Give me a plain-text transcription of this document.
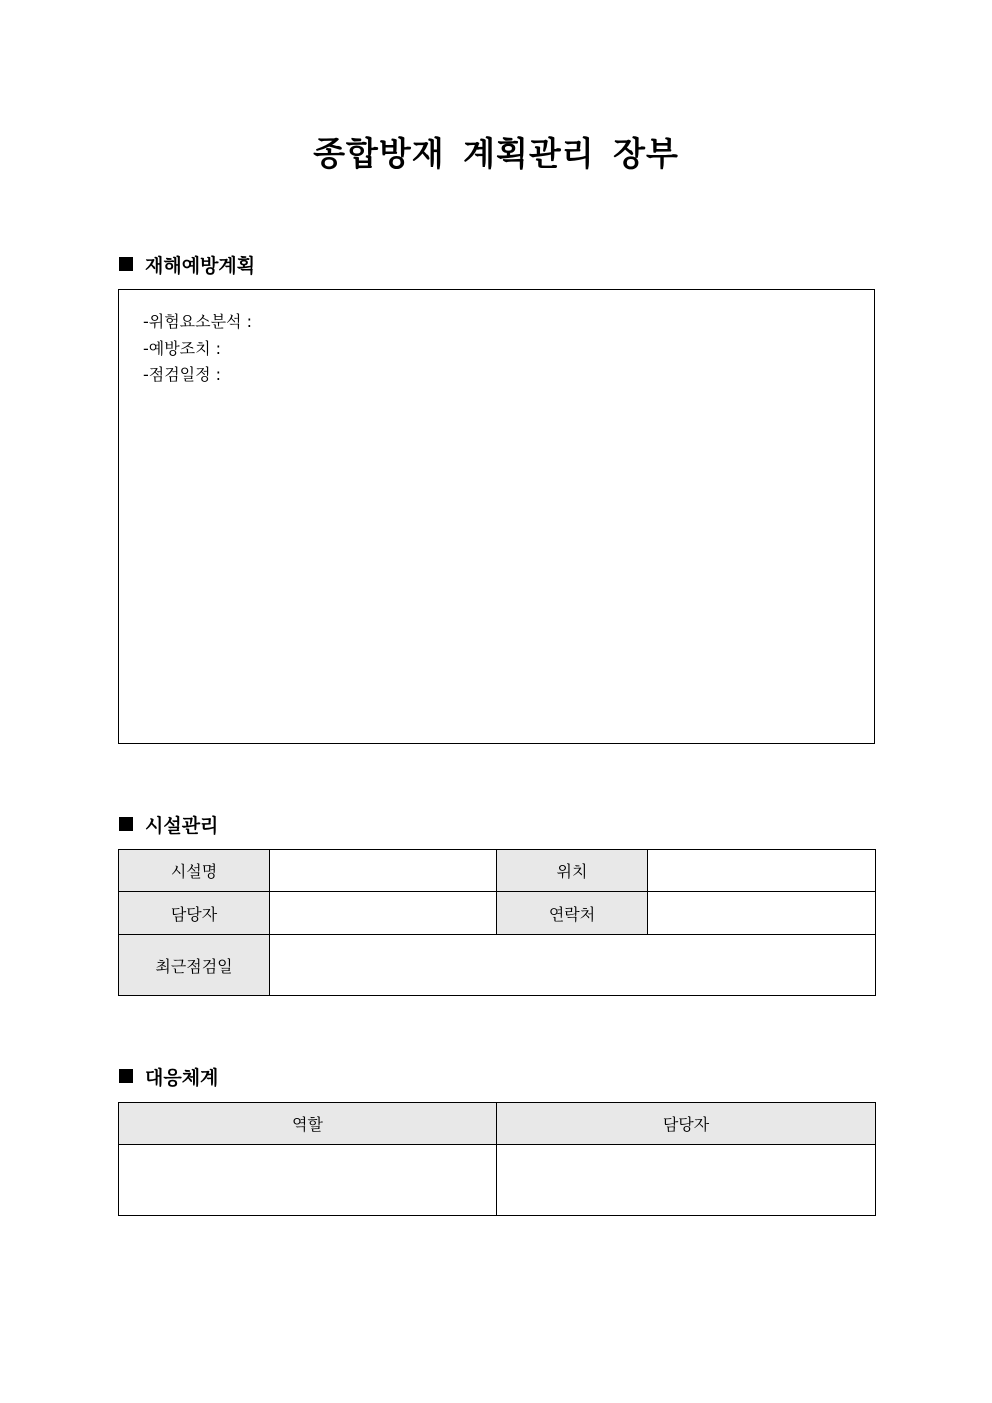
종합방재 계획관리 장부
재해예방계획
-위험요소분석 :
-예방조치 :
-점검일정 :
시설관리
시설명		위치	
담당자		연락처	
최근점검일			
대응체계
역할	담당자
